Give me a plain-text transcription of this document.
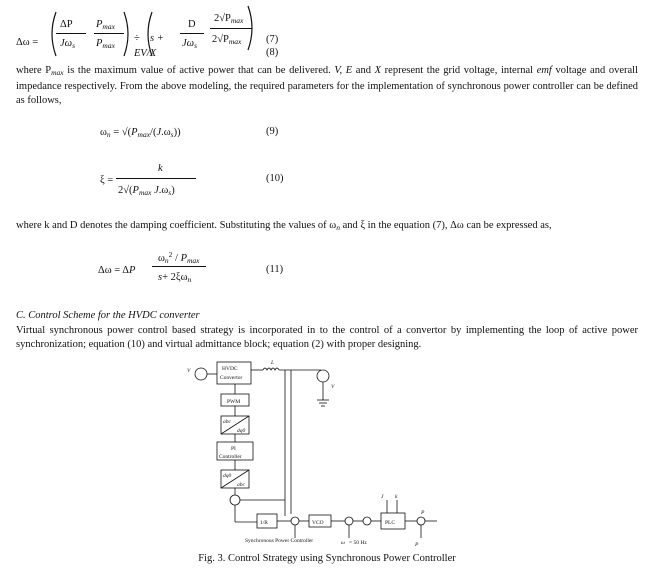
Δω =
ΔP
$J\omega_s$
$P_{max}$
$P_{max}$
÷ s +
D
$J\omega_s$
$2√P_{max}$
$2√P_{max}$
EV/X
(7)
(8)
where $P_{max}$ is the maximum value of active power that can be delivered. V, E and X represent the grid voltage, internal emf voltage and overall impedance respectively. From the above modeling, the required parameters for the implementation of synchronous power controller can be defined as follows,
$\omega_n = √(P_{max}/(J.\omega_s))$	(9)
ξ =
k
$2√(P_{max}$ $J.\omega_s$)
(10)
where k and D denotes the damping coefficient. Substituting the values of $\omega_n$ and ξ in the equation (7), Δω can be expressed as,
Δω = ΔP
$\omega_n^2 / P_{max}$
$s+ 2\xi\omega_n$
(11)
C. Control Scheme for the HVDC converter
Virtual synchronous power control based strategy is incorporated in to the control of a convertor by implementing the loop of active power synchronization; equation (10) and virtual admittance block; equation (2) with proper designing.
HVDC
Convertor
PWM
abc
dq0
PI
Controller
dq0
abc
1/R	VCO	PLC
Synchronous Power Controller	ω = 50 Hz
V
J k
L
V
P
P
Fig. 3. Control Strategy using Synchronous Power Controller
